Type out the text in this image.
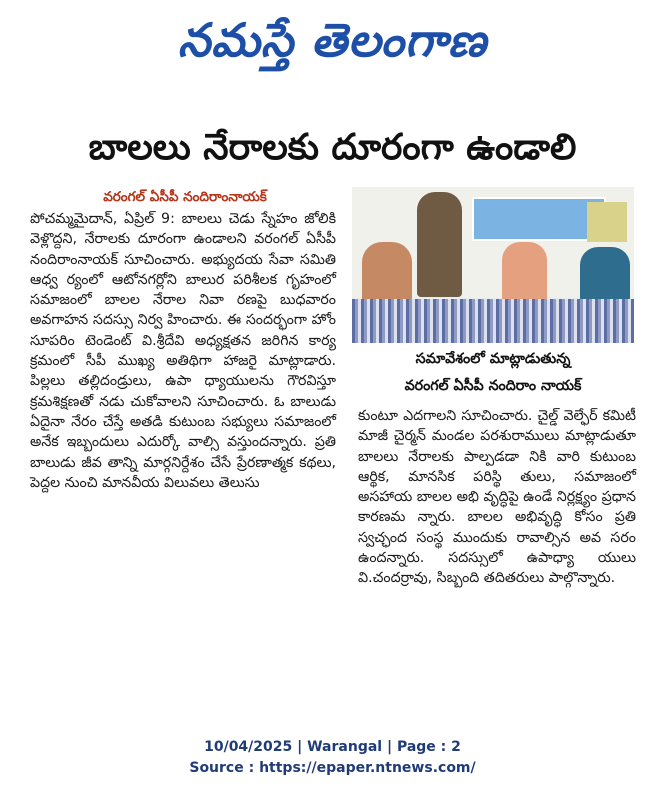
నమస్తే తెలంగాణ
బాలలు నేరాలకు దూరంగా ఉండాలి
వరంగల్ ఏసీపీ నందిరాంనాయక్

పోచమ్మమైదాన్, ఏప్రిల్ 9: బాలలు చెడు స్నేహం జోలికి వెళ్లొద్దని, నేరాలకు దూరంగా ఉండాలని వరంగల్ ఏసీపీ నందిరాంనాయక్ సూచించారు. అభ్యుదయ సేవా సమితి ఆధ్వ ర్యంలో ఆటోనగర్లోని బాలుర పరిశీలక గృహంలో సమాజంలో బాలల నేరాల నివా రణపై బుధవారం అవగాహన సదస్సు నిర్వ హించారు. ఈ సందర్భంగా హోం సూపరిం టెండెంట్ వి.శ్రీదేవి అధ్యక్షతన జరిగిన కార్య క్రమంలో సీపీ ముఖ్య అతిథిగా హాజరై మాట్లాడారు. పిల్లలు తల్లిదండ్రులు, ఉపా ధ్యాయులను గౌరవిస్తూ క్రమశిక్షణతో నడు చుకోవాలని సూచించారు. ఓ బాలుడు ఏదైనా నేరం చేస్తే అతడి కుటుంబ సభ్యులు సమాజంలో అనేక ఇబ్బందులు ఎదుర్కో వాల్సి వస్తుందన్నారు. ప్రతి బాలుడు జీవ తాన్ని మార్గనిర్దేశం చేసే ప్రేరణాత్మక కథలు, పెద్దల నుంచి మానవీయ విలువలు తెలుసు

సమావేశంలో మాట్లాడుతున్న
వరంగల్ ఏసీపీ నందిరాం నాయక్

కుంటూ ఎదగాలని సూచించారు. చైల్డ్ వెల్ఫేర్ కమిటీ మాజీ చైర్మన్ మండల పరశురాములు మాట్లాడుతూ బాలలు నేరాలకు పాల్పడడా నికి వారి కుటుంబ ఆర్థిక, మానసిక పరిస్థి తులు, సమాజంలో అసహాయ బాలల అభి వృద్ధిపై ఉండే నిర్లక్ష్యం ప్రధాన కారణమ న్నారు. బాలల అభివృద్ధి కోసం ప్రతి స్వచ్ఛంద సంస్థ ముందుకు రావాల్సిన అవ సరం ఉందన్నారు. సదస్సులో ఉపాధ్యా యులు వి.చందర్రావు, సిబ్బంది తదితరులు పాల్గొన్నారు.

10/04/2025 | Warangal | Page : 2
Source : https://epaper.ntnews.com/
